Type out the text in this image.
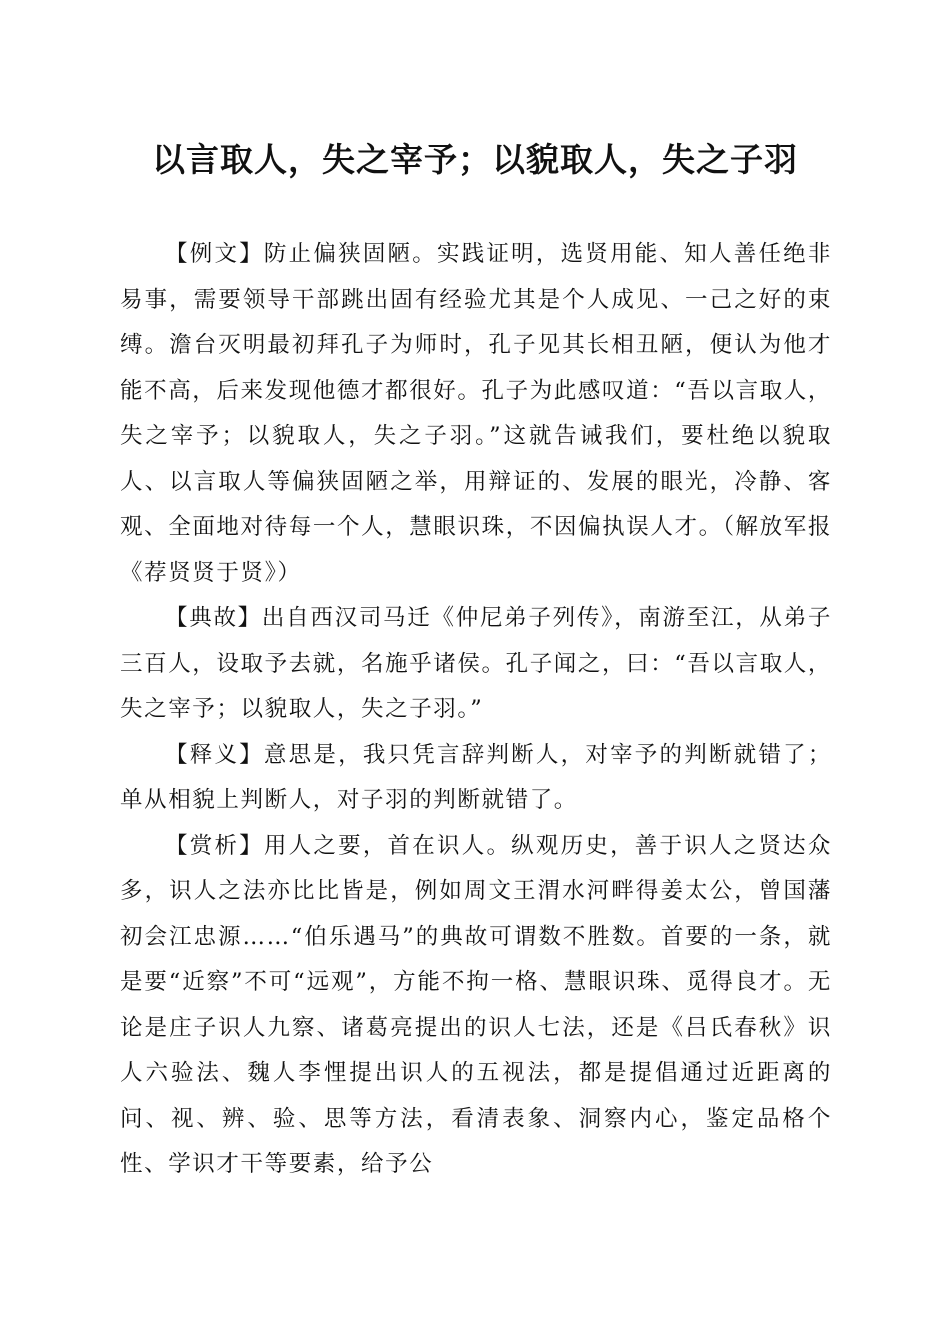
以言取人，失之宰予；以貌取人，失之子羽

【例文】防止偏狭固陋。实践证明，选贤用能、知人善任绝非易事，需要领导干部跳出固有经验尤其是个人成见、一己之好的束缚。澹台灭明最初拜孔子为师时，孔子见其长相丑陋，便认为他才能不高，后来发现他德才都很好。孔子为此感叹道：“吾以言取人，失之宰予；以貌取人，失之子羽。”这就告诫我们，要杜绝以貌取人、以言取人等偏狭固陋之举，用辩证的、发展的眼光，冷静、客观、全面地对待每一个人，慧眼识珠，不因偏执误人才。（解放军报《荐贤贤于贤》）

【典故】出自西汉司马迁《仲尼弟子列传》，南游至江，从弟子三百人，设取予去就，名施乎诸侯。孔子闻之，曰：“吾以言取人，失之宰予；以貌取人，失之子羽。”

【释义】意思是，我只凭言辞判断人，对宰予的判断就错了；单从相貌上判断人，对子羽的判断就错了。

【赏析】用人之要，首在识人。纵观历史，善于识人之贤达众多，识人之法亦比比皆是，例如周文王渭水河畔得姜太公，曾国藩初会江忠源……“伯乐遇马”的典故可谓数不胜数。首要的一条，就是要“近察”不可“远观”，方能不拘一格、慧眼识珠、觅得良才。无论是庄子识人九察、诸葛亮提出的识人七法，还是《吕氏春秋》识人六验法、魏人李悝提出识人的五视法，都是提倡通过近距离的问、视、辨、验、思等方法，看清表象、洞察内心，鉴定品格个性、学识才干等要素，给予公
